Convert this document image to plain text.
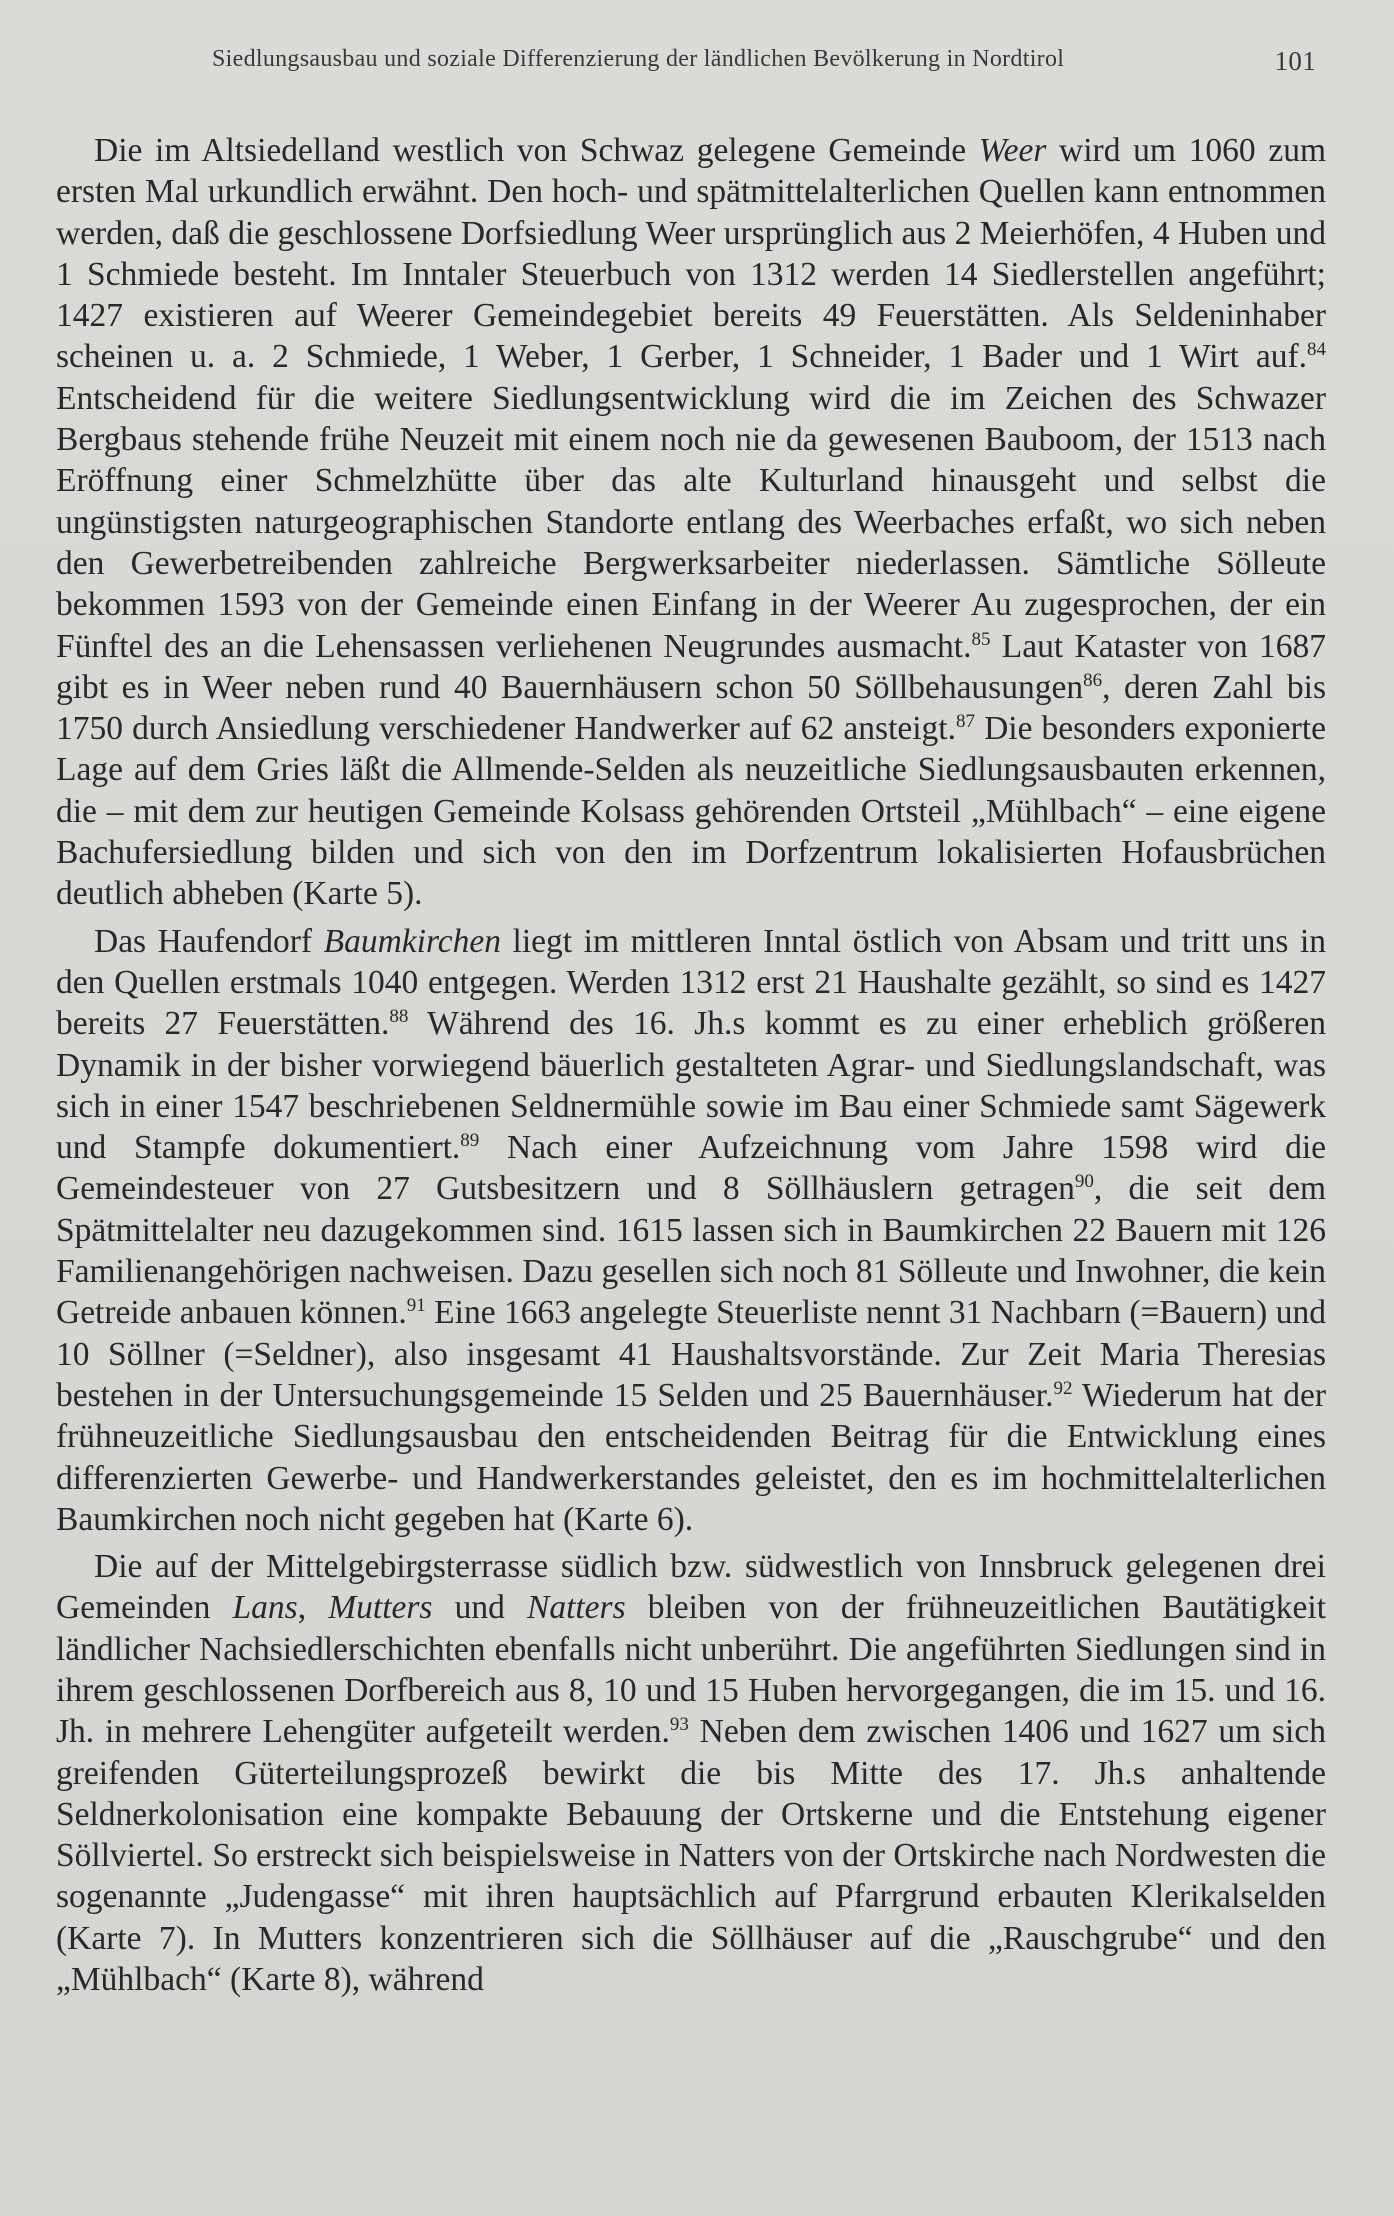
Siedlungsausbau und soziale Differenzierung der ländlichen Bevölkerung in Nordtirol	101

Die im Altsiedelland westlich von Schwaz gelegene Gemeinde Weer wird um 1060 zum ersten Mal urkundlich erwähnt. Den hoch- und spätmittelalterlichen Quellen kann entnommen werden, daß die geschlossene Dorfsiedlung Weer ursprünglich aus 2 Meierhöfen, 4 Huben und 1 Schmiede besteht. Im Inntaler Steuerbuch von 1312 werden 14 Siedlerstellen angeführt; 1427 existieren auf Weerer Gemeindegebiet bereits 49 Feuerstätten. Als Seldeninhaber scheinen u. a. 2 Schmiede, 1 Weber, 1 Gerber, 1 Schneider, 1 Bader und 1 Wirt auf.$^{84}$ Entscheidend für die weitere Siedlungsentwicklung wird die im Zeichen des Schwazer Bergbaus stehende frühe Neuzeit mit einem noch nie da gewesenen Bauboom, der 1513 nach Eröffnung einer Schmelzhütte über das alte Kulturland hinausgeht und selbst die ungünstigsten naturgeographischen Standorte entlang des Weerbaches erfaßt, wo sich neben den Gewerbetreibenden zahlreiche Bergwerksarbeiter niederlassen. Sämtliche Sölleute bekommen 1593 von der Gemeinde einen Einfang in der Weerer Au zugesprochen, der ein Fünftel des an die Lehensassen verliehenen Neugrundes ausmacht.$^{85}$ Laut Kataster von 1687 gibt es in Weer neben rund 40 Bauernhäusern schon 50 Söllbehausungen$^{86}$, deren Zahl bis 1750 durch Ansiedlung verschiedener Handwerker auf 62 ansteigt.$^{87}$ Die besonders exponierte Lage auf dem Gries läßt die Allmende-Selden als neuzeitliche Siedlungsausbauten erkennen, die – mit dem zur heutigen Gemeinde Kolsass gehörenden Ortsteil „Mühlbach“ – eine eigene Bachufersiedlung bilden und sich von den im Dorfzentrum lokalisierten Hofausbrüchen deutlich abheben (Karte 5).

Das Haufendorf Baumkirchen liegt im mittleren Inntal östlich von Absam und tritt uns in den Quellen erstmals 1040 entgegen. Werden 1312 erst 21 Haushalte gezählt, so sind es 1427 bereits 27 Feuerstätten.$^{88}$ Während des 16. Jh.s kommt es zu einer erheblich größeren Dynamik in der bisher vorwiegend bäuerlich gestalteten Agrar- und Siedlungslandschaft, was sich in einer 1547 beschriebenen Seldnermühle sowie im Bau einer Schmiede samt Sägewerk und Stampfe dokumentiert.$^{89}$ Nach einer Aufzeichnung vom Jahre 1598 wird die Gemeindesteuer von 27 Gutsbesitzern und 8 Söllhäuslern getragen$^{90}$, die seit dem Spätmittelalter neu dazugekommen sind. 1615 lassen sich in Baumkirchen 22 Bauern mit 126 Familienangehörigen nachweisen. Dazu gesellen sich noch 81 Sölleute und Inwohner, die kein Getreide anbauen können.$^{91}$ Eine 1663 angelegte Steuerliste nennt 31 Nachbarn (=Bauern) und 10 Söllner (=Seldner), also insgesamt 41 Haushaltsvorstände. Zur Zeit Maria Theresias bestehen in der Untersuchungsgemeinde 15 Selden und 25 Bauernhäuser.$^{92}$ Wiederum hat der frühneuzeitliche Siedlungsausbau den entscheidenden Beitrag für die Entwicklung eines differenzierten Gewerbe- und Handwerkerstandes geleistet, den es im hochmittelalterlichen Baumkirchen noch nicht gegeben hat (Karte 6).

Die auf der Mittelgebirgsterrasse südlich bzw. südwestlich von Innsbruck gelegenen drei Gemeinden Lans, Mutters und Natters bleiben von der frühneuzeitlichen Bautätigkeit ländlicher Nachsiedlerschichten ebenfalls nicht unberührt. Die angeführten Siedlungen sind in ihrem geschlossenen Dorfbereich aus 8, 10 und 15 Huben hervorgegangen, die im 15. und 16. Jh. in mehrere Lehengüter aufgeteilt werden.$^{93}$ Neben dem zwischen 1406 und 1627 um sich greifenden Güterteilungsprozeß bewirkt die bis Mitte des 17. Jh.s anhaltende Seldnerkolonisation eine kompakte Bebauung der Ortskerne und die Entstehung eigener Söllviertel. So erstreckt sich beispielsweise in Natters von der Ortskirche nach Nordwesten die sogenannte „Judengasse“ mit ihren hauptsächlich auf Pfarrgrund erbauten Klerikalselden (Karte 7). In Mutters konzentrieren sich die Söllhäuser auf die „Rauschgrube“ und den „Mühlbach“ (Karte 8), während
